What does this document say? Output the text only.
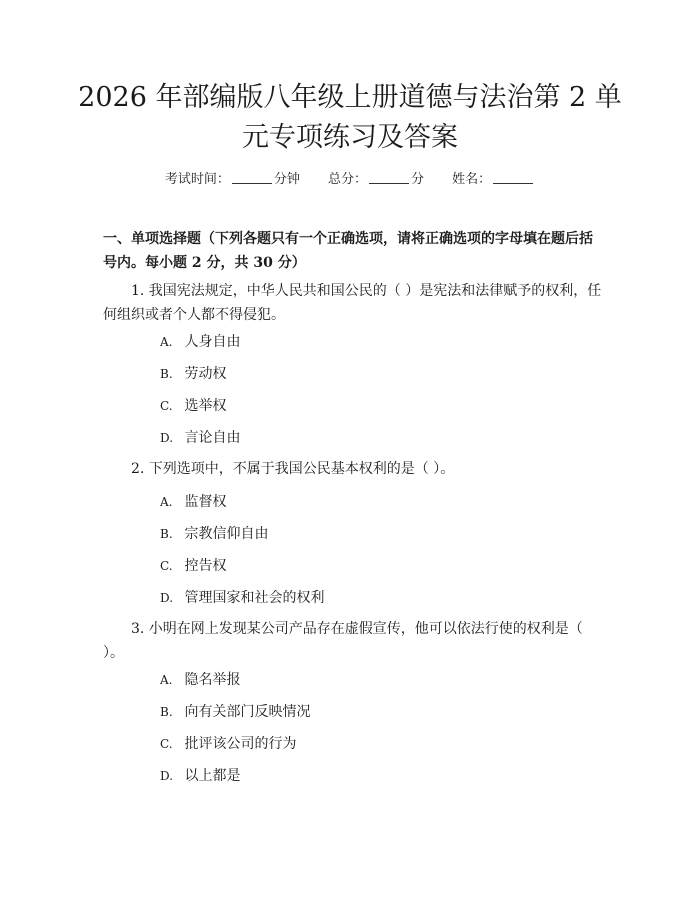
2026 年部编版八年级上册道德与法治第 2 单元专项练习及答案
考试时间：	分钟 总分：	分 姓名：
一、单项选择题（下列各题只有一个正确选项，请将正确选项的字母填在题后括号内。每小题 2 分，共 30 分）
1. 我国宪法规定，中华人民共和国公民的（ ）是宪法和法律赋予的权利，任何组织或者个人都不得侵犯。
A. 人身自由
B. 劳动权
C. 选举权
D. 言论自由
2. 下列选项中，不属于我国公民基本权利的是（ ）。
A. 监督权
B. 宗教信仰自由
C. 控告权
D. 管理国家和社会的权利
3. 小明在网上发现某公司产品存在虚假宣传，他可以依法行使的权利是（ ）。
A. 隐名举报
B. 向有关部门反映情况
C. 批评该公司的行为
D. 以上都是
